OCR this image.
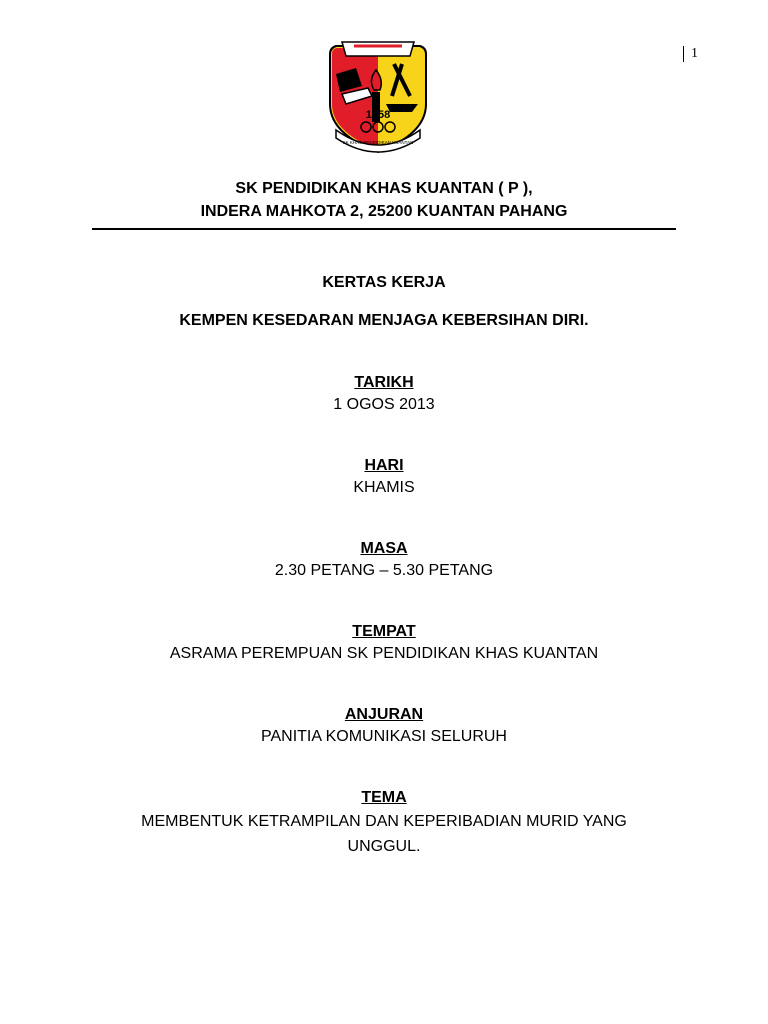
1
1958
SK KHAS PENDIDIKAN KUANTAN
SK PENDIDIKAN KHAS KUANTAN ( P ),
INDERA MAHKOTA 2, 25200 KUANTAN PAHANG
KERTAS KERJA
KEMPEN KESEDARAN MENJAGA KEBERSIHAN DIRI.
TARIKH
1 OGOS 2013
HARI
KHAMIS
MASA
2.30 PETANG – 5.30 PETANG
TEMPAT
ASRAMA PEREMPUAN SK PENDIDIKAN KHAS KUANTAN
ANJURAN
PANITIA KOMUNIKASI SELURUH
TEMA
MEMBENTUK KETRAMPILAN DAN KEPERIBADIAN MURID YANG
UNGGUL.
